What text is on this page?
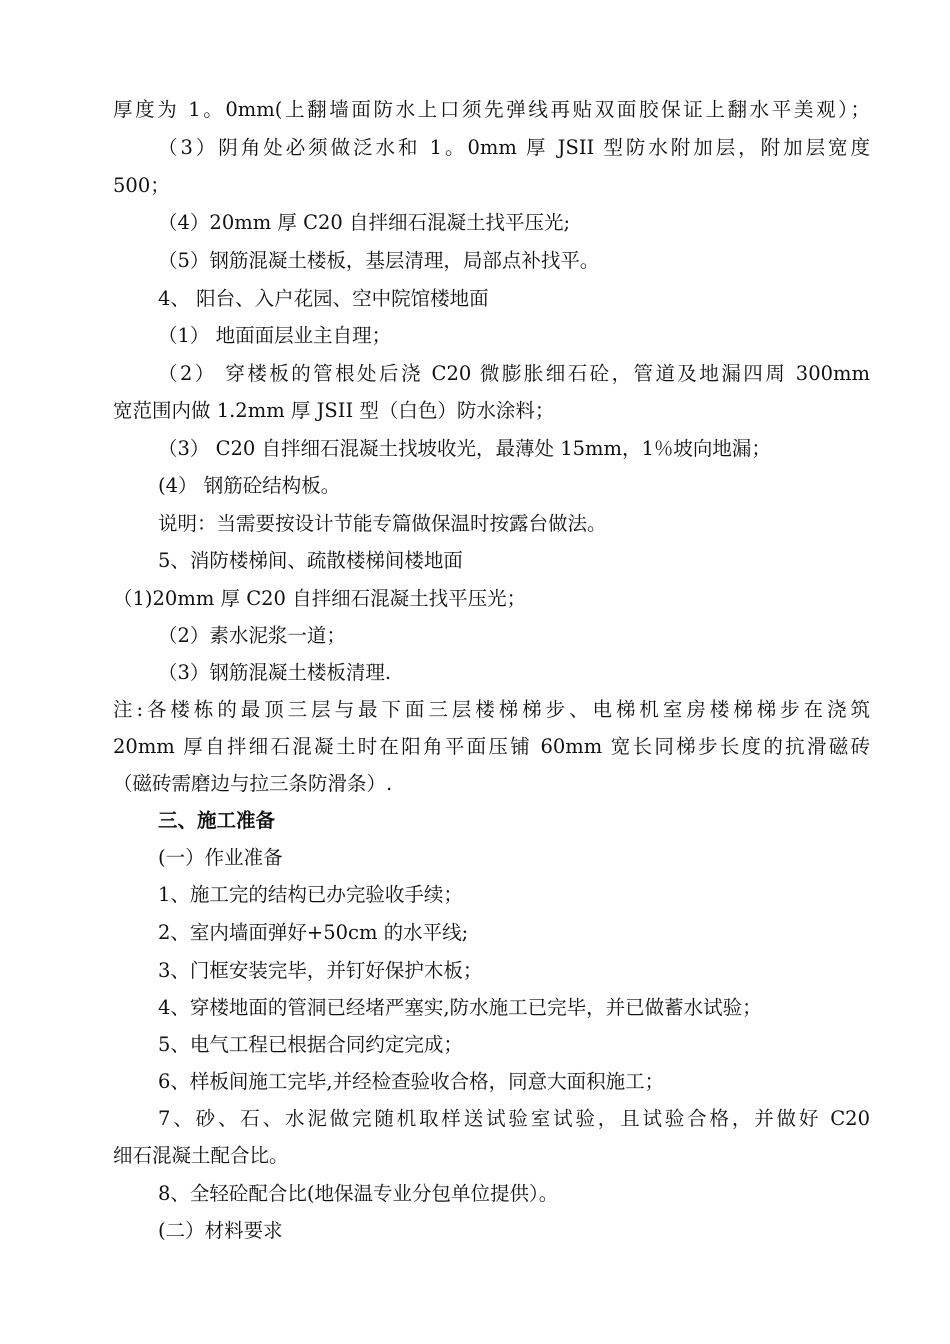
厚度为 1。0mm(上翻墙面防水上口须先弹线再贴双面胶保证上翻水平美观）；
（3）阴角处必须做泛水和 1。0mm 厚 JSII 型防水附加层，附加层宽度
500；
（4）20mm 厚 C20 自拌细石混凝土找平压光;
（5）钢筋混凝土楼板，基层清理，局部点补找平。
4、 阳台、入户花园、空中院馆楼地面
（1） 地面面层业主自理；
（2） 穿楼板的管根处后浇 C20 微膨胀细石砼，管道及地漏四周 300mm
宽范围内做 1.2mm 厚 JSII 型（白色）防水涂料；
（3） C20 自拌细石混凝土找坡收光，最薄处 15mm，1％坡向地漏；
(4） 钢筋砼结构板。
说明：当需要按设计节能专篇做保温时按露台做法。
5、消防楼梯间、疏散楼梯间楼地面
（1)20mm 厚 C20 自拌细石混凝土找平压光；
（2）素水泥浆一道；
（3）钢筋混凝土楼板清理.
注:各楼栋的最顶三层与最下面三层楼梯梯步、电梯机室房楼梯梯步在浇筑
20mm 厚自拌细石混凝土时在阳角平面压铺 60mm 宽长同梯步长度的抗滑磁砖
（磁砖需磨边与拉三条防滑条）.
三、施工准备
(一）作业准备
1、施工完的结构已办完验收手续；
2、室内墙面弹好+50cm 的水平线;
3、门框安装完毕，并钉好保护木板；
4、穿楼地面的管洞已经堵严塞实,防水施工已完毕，并已做蓄水试验；
5、电气工程已根据合同约定完成；
6、样板间施工完毕,并经检查验收合格，同意大面积施工；
7、砂、石、水泥做完随机取样送试验室试验，且试验合格，并做好 C20
细石混凝土配合比。
8、全轻砼配合比(地保温专业分包单位提供）。
(二）材料要求
